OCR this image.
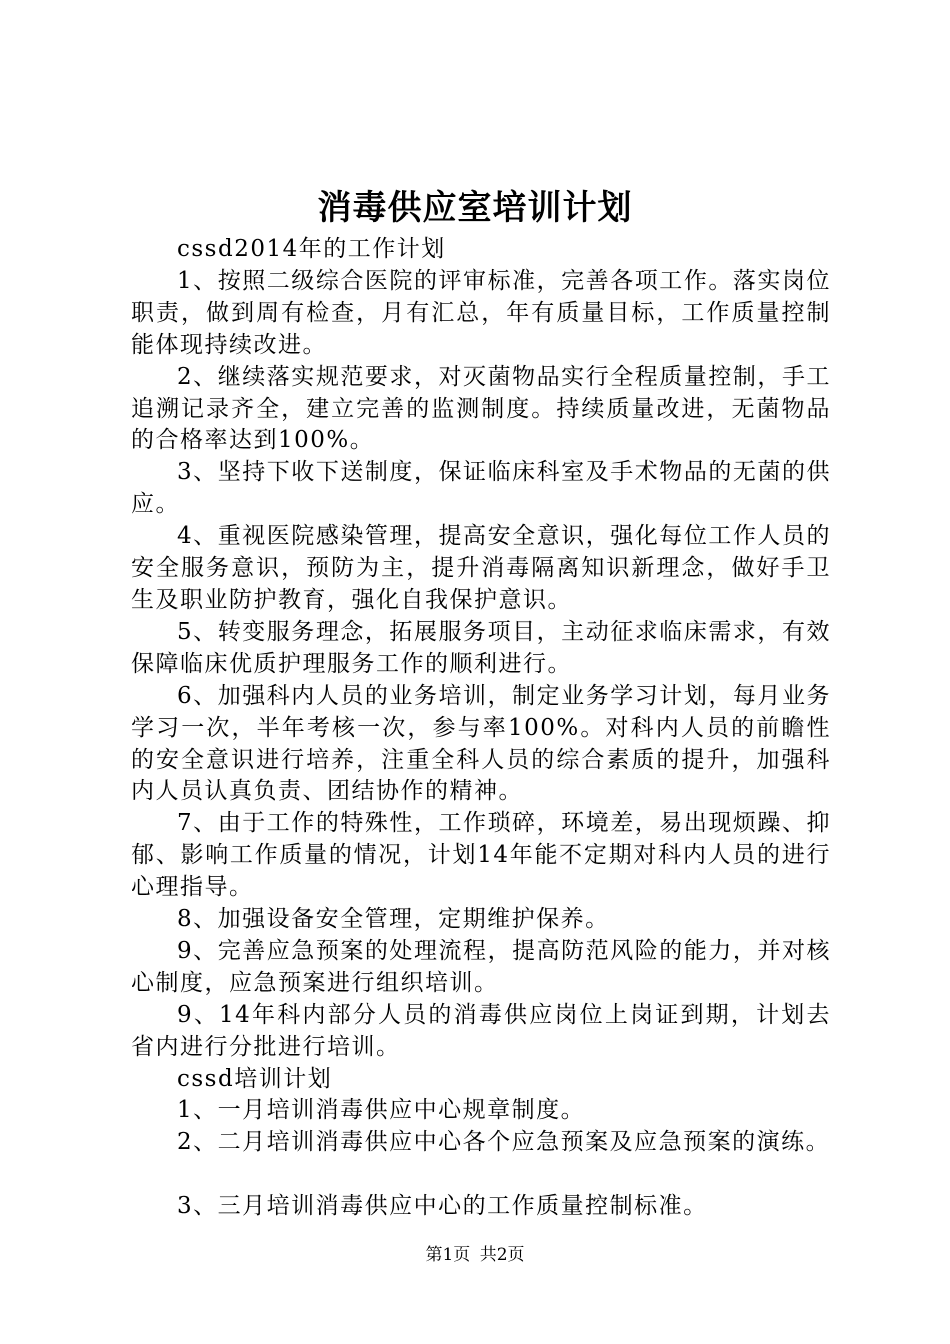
消毒供应室培训计划

cssd2014年的工作计划

1、按照二级综合医院的评审标准，完善各项工作。落实岗位职责，做到周有检查，月有汇总，年有质量目标，工作质量控制能体现持续改进。

2、继续落实规范要求，对灭菌物品实行全程质量控制，手工追溯记录齐全，建立完善的监测制度。持续质量改进，无菌物品的合格率达到100%。

3、坚持下收下送制度，保证临床科室及手术物品的无菌的供应。

4、重视医院感染管理，提高安全意识，强化每位工作人员的安全服务意识，预防为主，提升消毒隔离知识新理念，做好手卫生及职业防护教育，强化自我保护意识。

5、转变服务理念，拓展服务项目，主动征求临床需求，有效保障临床优质护理服务工作的顺利进行。

6、加强科内人员的业务培训，制定业务学习计划，每月业务学习一次，半年考核一次，参与率100%。对科内人员的前瞻性的安全意识进行培养，注重全科人员的综合素质的提升，加强科内人员认真负责、团结协作的精神。

7、由于工作的特殊性，工作琐碎，环境差，易出现烦躁、抑郁、影响工作质量的情况，计划14年能不定期对科内人员的进行心理指导。

8、加强设备安全管理，定期维护保养。

9、完善应急预案的处理流程，提高防范风险的能力，并对核心制度，应急预案进行组织培训。

9、14年科内部分人员的消毒供应岗位上岗证到期，计划去省内进行分批进行培训。

cssd培训计划

1、一月培训消毒供应中心规章制度。

2、二月培训消毒供应中心各个应急预案及应急预案的演练。

3、三月培训消毒供应中心的工作质量控制标准。

第1页 共2页
